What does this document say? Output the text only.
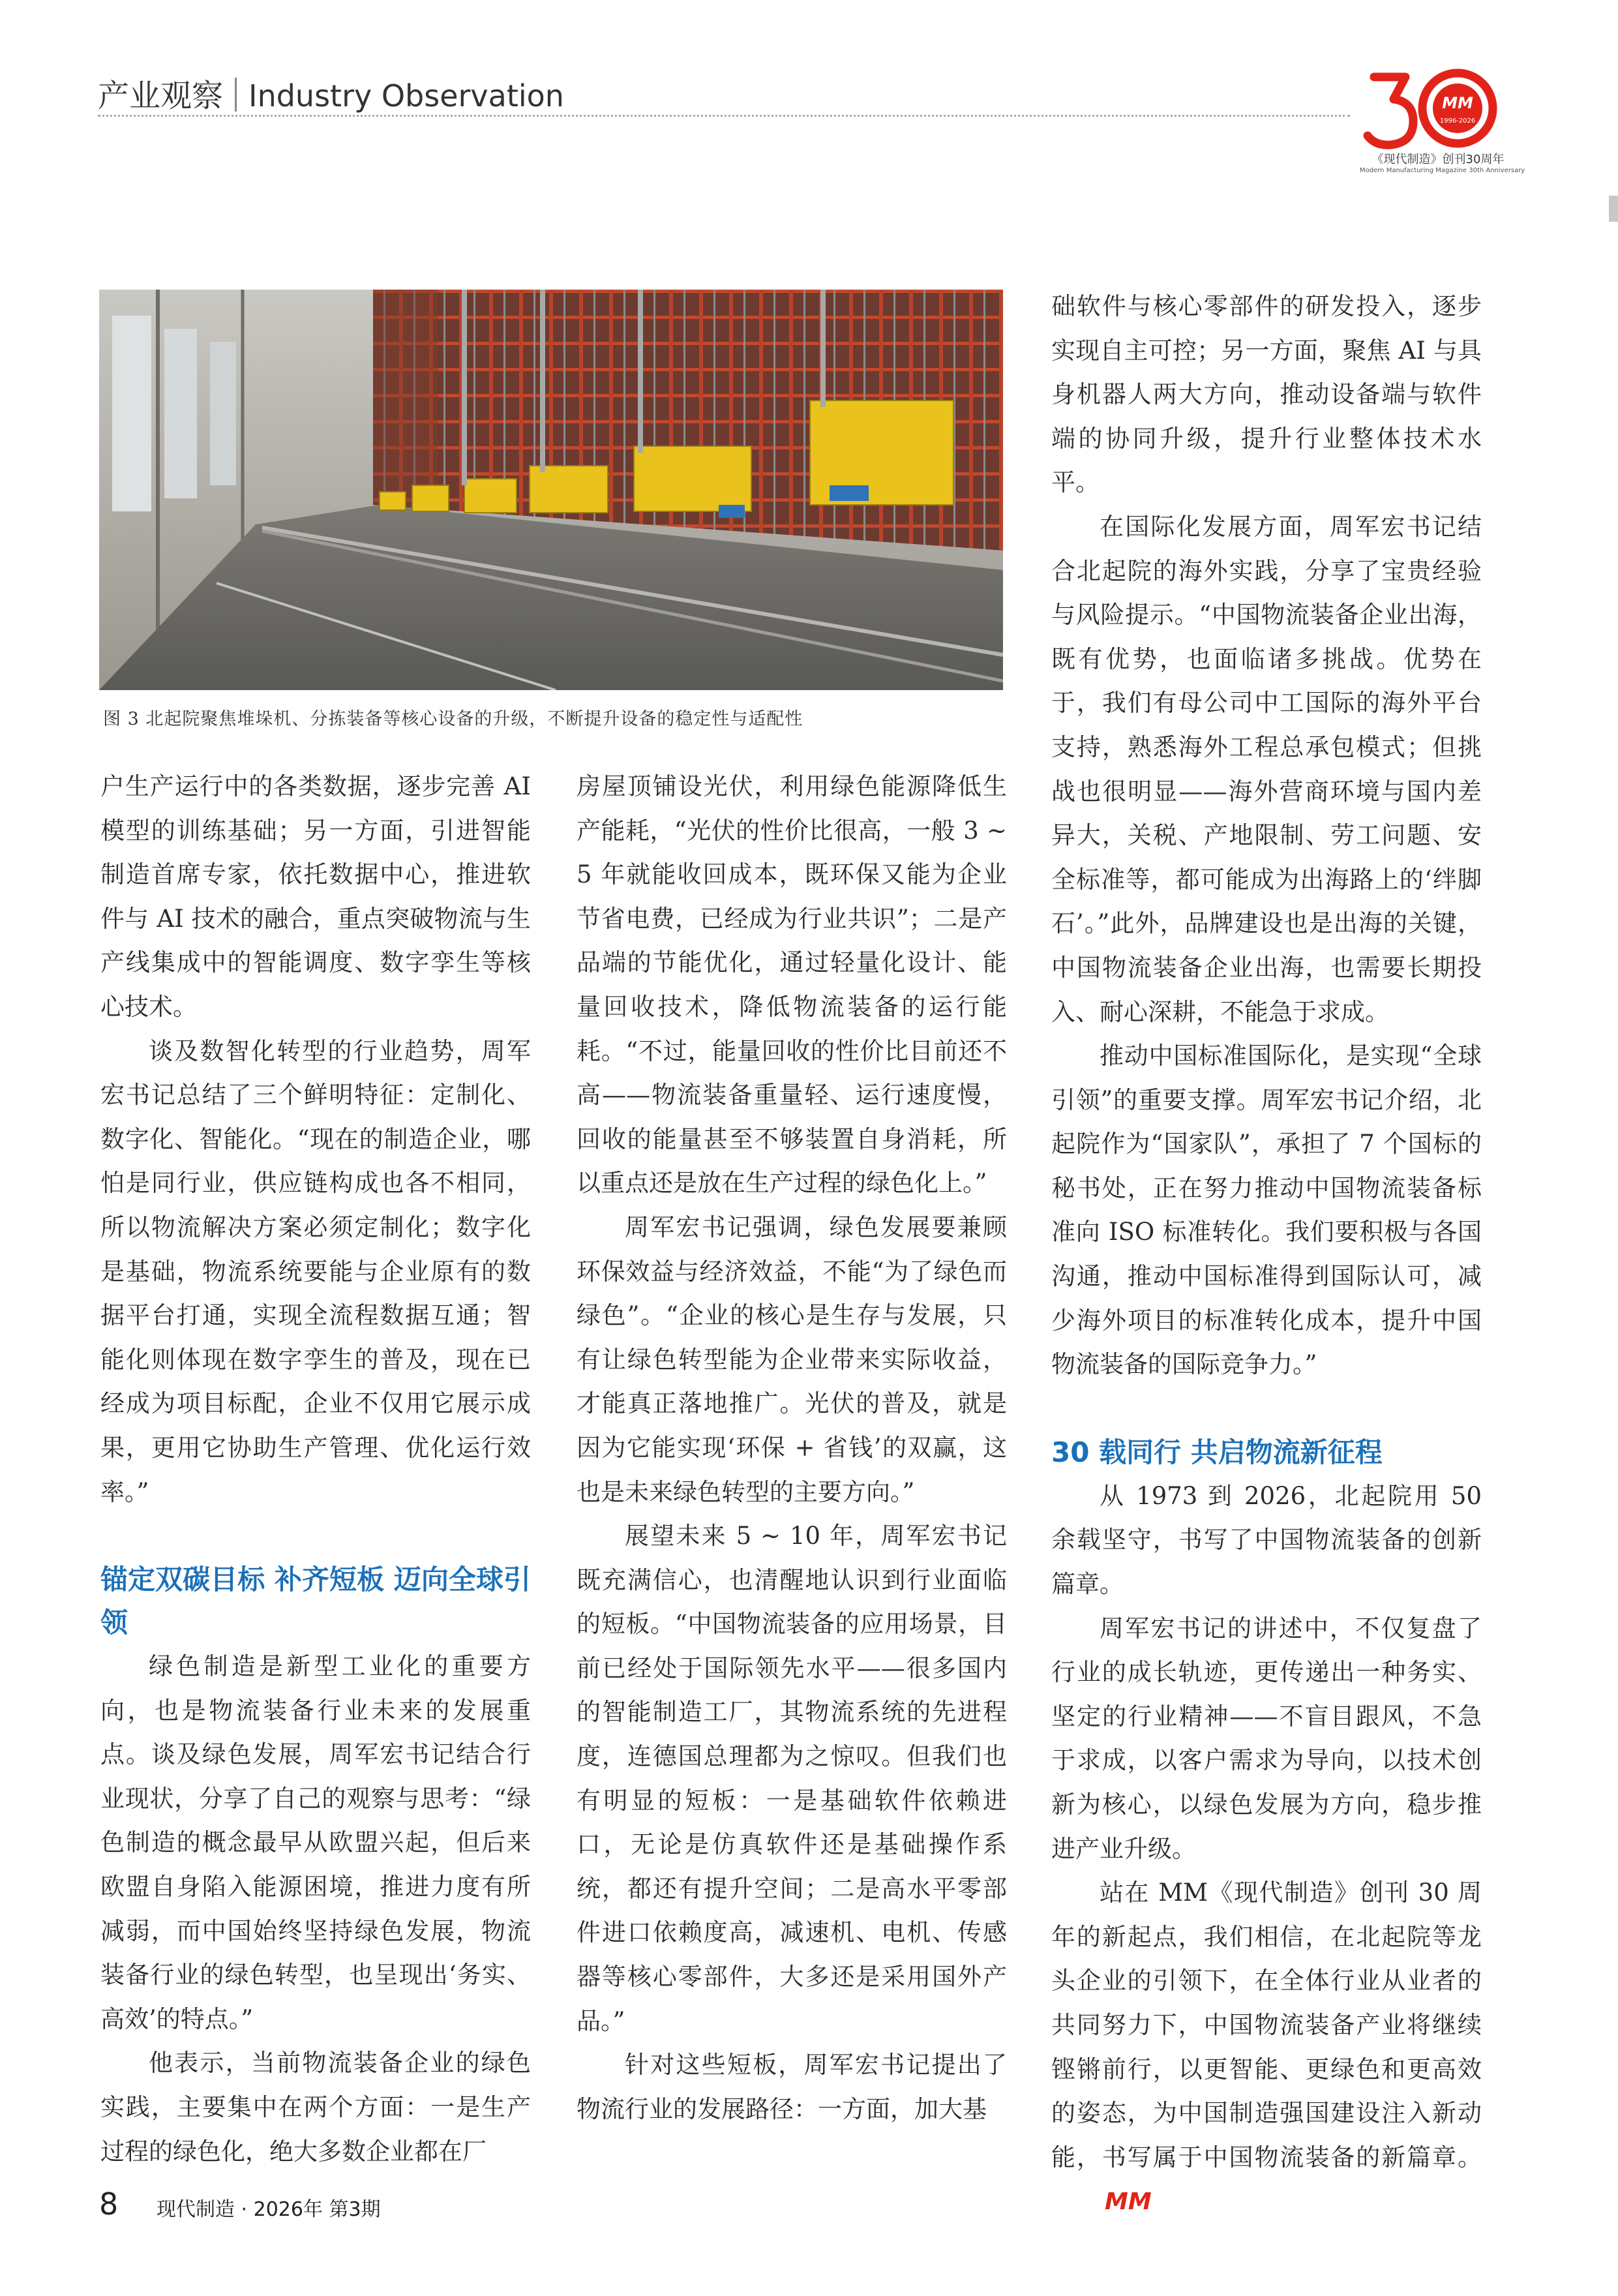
产业观察 Industry Observation	MM
1996-2026
《现代制造》创刊30周年
Modern Manufacturing Magazine 30th Anniversary
图 3 北起院聚焦堆垛机、分拣装备等核心设备的升级，不断提升设备的稳定性与适配性

户生产运行中的各类数据，逐步完善 AI 模型的训练基础；另一方面，引进智能制造首席专家，依托数据中心，推进软件与 AI 技术的融合，重点突破物流与生产线集成中的智能调度、数字孪生等核心技术。

谈及数智化转型的行业趋势，周军宏书记总结了三个鲜明特征：定制化、数字化、智能化。“现在的制造企业，哪怕是同行业，供应链构成也各不相同，所以物流解决方案必须定制化；数字化是基础，物流系统要能与企业原有的数据平台打通，实现全流程数据互通；智能化则体现在数字孪生的普及，现在已经成为项目标配，企业不仅用它展示成果，更用它协助生产管理、优化运行效率。”

锚定双碳目标 补齐短板 迈向全球引领

绿色制造是新型工业化的重要方向，也是物流装备行业未来的发展重点。谈及绿色发展，周军宏书记结合行业现状，分享了自己的观察与思考：“绿色制造的概念最早从欧盟兴起，但后来欧盟自身陷入能源困境，推进力度有所减弱，而中国始终坚持绿色发展，物流装备行业的绿色转型，也呈现出‘务实、高效’的特点。”

他表示，当前物流装备企业的绿色实践，主要集中在两个方面：一是生产过程的绿色化，绝大多数企业都在厂

房屋顶铺设光伏，利用绿色能源降低生产能耗，“光伏的性价比很高，一般 3 ~ 5 年就能收回成本，既环保又能为企业节省电费，已经成为行业共识”；二是产品端的节能优化，通过轻量化设计、能量回收技术，降低物流装备的运行能耗。“不过，能量回收的性价比目前还不高——物流装备重量轻、运行速度慢，回收的能量甚至不够装置自身消耗，所以重点还是放在生产过程的绿色化上。”

周军宏书记强调，绿色发展要兼顾环保效益与经济效益，不能“为了绿色而绿色”。“企业的核心是生存与发展，只有让绿色转型能为企业带来实际收益，才能真正落地推广。光伏的普及，就是因为它能实现‘环保 + 省钱’的双赢，这也是未来绿色转型的主要方向。”

展望未来 5 ~ 10 年，周军宏书记既充满信心，也清醒地认识到行业面临的短板。“中国物流装备的应用场景，目前已经处于国际领先水平——很多国内的智能制造工厂，其物流系统的先进程度，连德国总理都为之惊叹。但我们也有明显的短板：一是基础软件依赖进口，无论是仿真软件还是基础操作系统，都还有提升空间；二是高水平零部件进口依赖度高，减速机、电机、传感器等核心零部件，大多还是采用国外产品。”

针对这些短板，周军宏书记提出了物流行业的发展路径：一方面，加大基

础软件与核心零部件的研发投入，逐步实现自主可控；另一方面，聚焦 AI 与具身机器人两大方向，推动设备端与软件端的协同升级，提升行业整体技术水平。

在国际化发展方面，周军宏书记结合北起院的海外实践，分享了宝贵经验与风险提示。“中国物流装备企业出海，既有优势，也面临诸多挑战。优势在于，我们有母公司中工国际的海外平台支持，熟悉海外工程总承包模式；但挑战也很明显——海外营商环境与国内差异大，关税、产地限制、劳工问题、安全标准等，都可能成为出海路上的‘绊脚石’。”此外，品牌建设也是出海的关键，中国物流装备企业出海，也需要长期投入、耐心深耕，不能急于求成。

推动中国标准国际化，是实现“全球引领”的重要支撑。周军宏书记介绍，北起院作为“国家队”，承担了 7 个国标的秘书处，正在努力推动中国物流装备标准向 ISO 标准转化。我们要积极与各国沟通，推动中国标准得到国际认可，减少海外项目的标准转化成本，提升中国物流装备的国际竞争力。”

30 载同行 共启物流新征程

从 1973 到 2026，北起院用 50 余载坚守，书写了中国物流装备的创新篇章。

周军宏书记的讲述中，不仅复盘了行业的成长轨迹，更传递出一种务实、坚定的行业精神——不盲目跟风，不急于求成，以客户需求为导向，以技术创新为核心，以绿色发展为方向，稳步推进产业升级。

站在 MM《现代制造》创刊 30 周年的新起点，我们相信，在北起院等龙头企业的引领下，在全体行业从业者的共同努力下，中国物流装备产业将继续铿锵前行，以更智能、更绿色和更高效的姿态，为中国制造强国建设注入新动能，书写属于中国物流装备的新篇章。MM

8 现代制造 · 2026年 第3期
